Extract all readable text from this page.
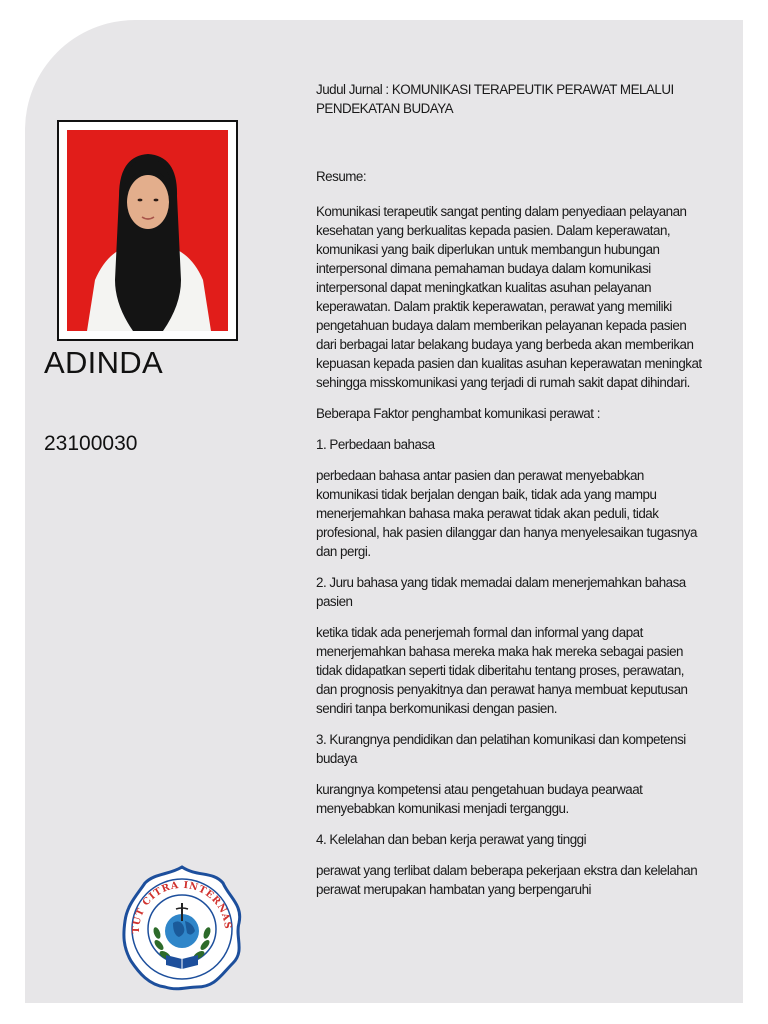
ADINDA
23100030
TUT CITRA INTERNAS

Judul Jurnal : KOMUNIKASI TERAPEUTIK PERAWAT MELALUI PENDEKATAN BUDAYA

Resume:

Komunikasi terapeutik sangat penting dalam penyediaan pelayanan kesehatan yang berkualitas kepada pasien. Dalam keperawatan, komunikasi yang baik diperlukan untuk membangun hubungan interpersonal dimana pemahaman budaya dalam komunikasi interpersonal dapat meningkatkan kualitas asuhan pelayanan keperawatan. Dalam praktik keperawatan, perawat yang memiliki pengetahuan budaya dalam memberikan pelayanan kepada pasien dari berbagai latar belakang budaya yang berbeda akan memberikan kepuasan kepada pasien dan kualitas asuhan keperawatan meningkat sehingga misskomunikasi yang terjadi di rumah sakit dapat dihindari.

Beberapa Faktor penghambat komunikasi perawat :

1. Perbedaan bahasa

perbedaan bahasa antar pasien dan perawat menyebabkan komunikasi tidak berjalan dengan baik, tidak ada yang mampu menerjemahkan bahasa maka perawat tidak akan peduli, tidak profesional, hak pasien dilanggar dan hanya menyelesaikan tugasnya dan pergi.

2. Juru bahasa yang tidak memadai dalam menerjemahkan bahasa pasien

ketika tidak ada penerjemah formal dan informal yang dapat menerjemahkan bahasa mereka maka hak mereka sebagai pasien tidak didapatkan seperti tidak diberitahu tentang proses, perawatan, dan prognosis penyakitnya dan perawat hanya membuat keputusan sendiri tanpa berkomunikasi dengan pasien.

3. Kurangnya pendidikan dan pelatihan komunikasi dan kompetensi budaya

kurangnya kompetensi atau pengetahuan budaya pearwaat menyebabkan komunikasi menjadi terganggu.

4. Kelelahan dan beban kerja perawat yang tinggi

perawat yang terlibat dalam beberapa pekerjaan ekstra dan kelelahan perawat merupakan hambatan yang berpengaruhi
